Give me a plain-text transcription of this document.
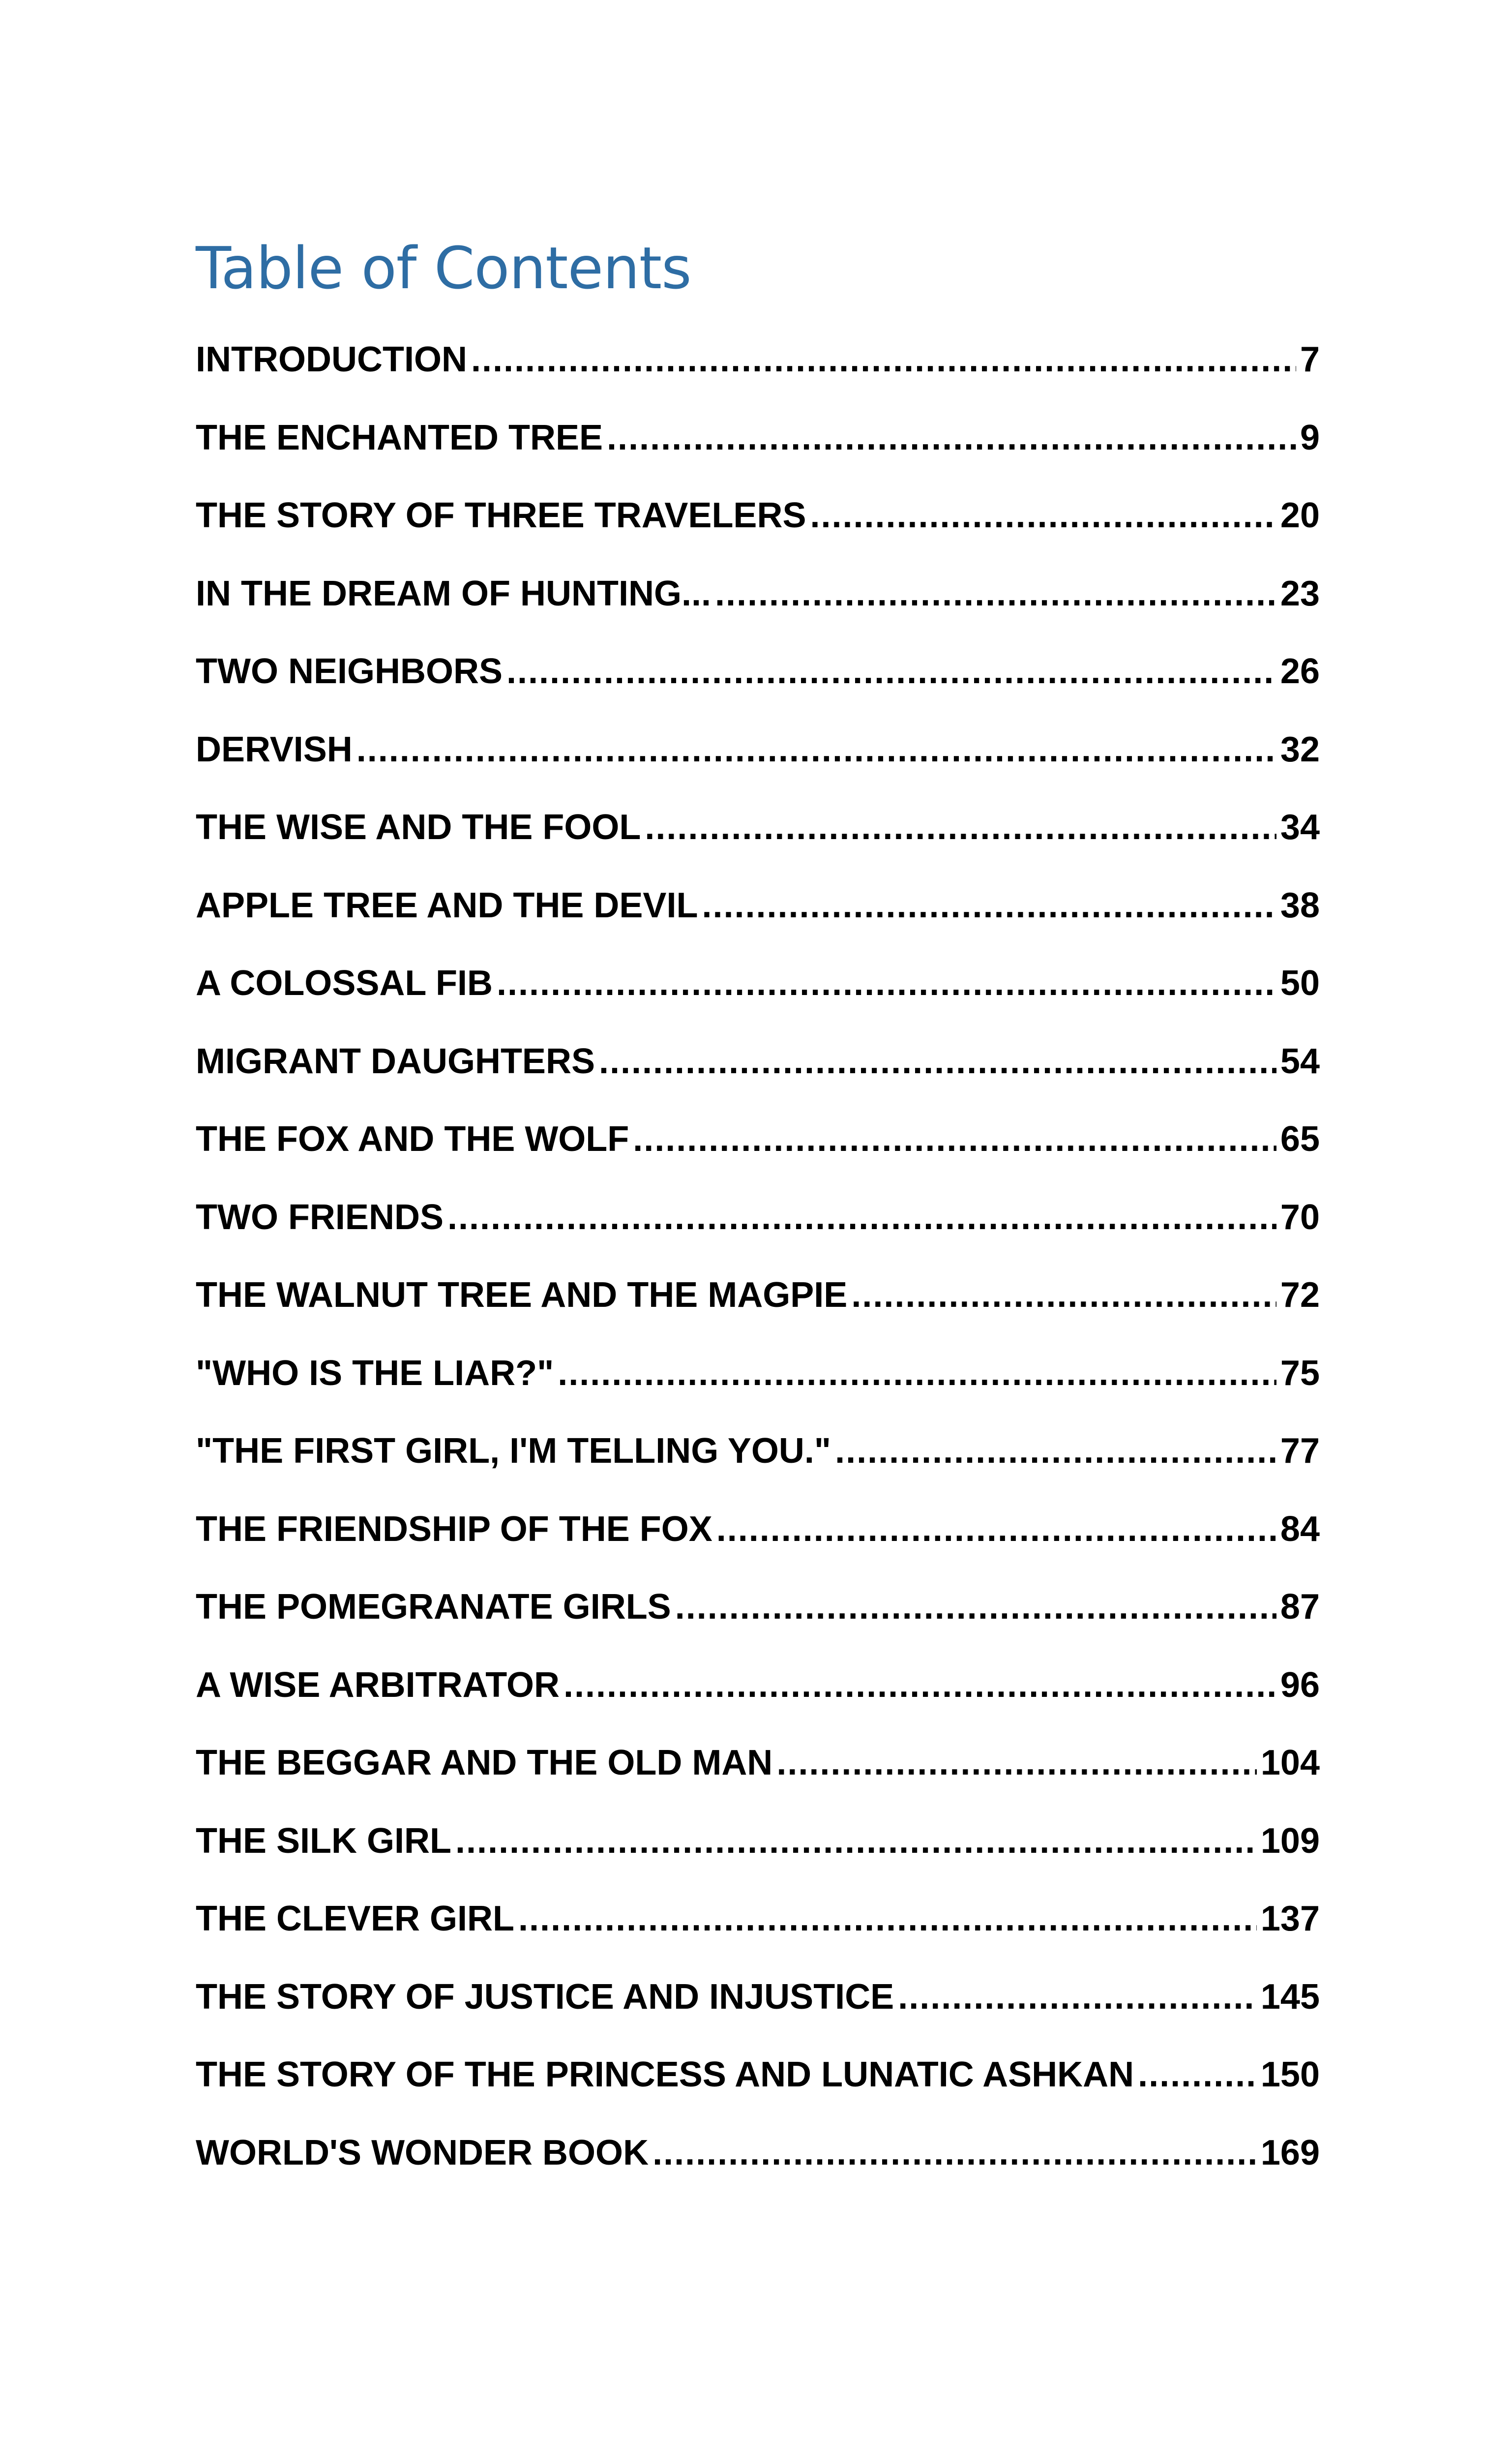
Table of Contents
INTRODUCTION .....	7
THE ENCHANTED TREE .....	9
THE STORY OF THREE TRAVELERS .....	20
IN THE DREAM OF HUNTING... .....	23
TWO NEIGHBORS .....	26
DERVISH .....	32
THE WISE AND THE FOOL .....	34
APPLE TREE AND THE DEVIL .....	38
A COLOSSAL FIB .....	50
MIGRANT DAUGHTERS .....	54
THE FOX AND THE WOLF .....	65
TWO FRIENDS .....	70
THE WALNUT TREE AND THE MAGPIE .....	72
"WHO IS THE LIAR?" .....	75
"THE FIRST GIRL, I'M TELLING YOU." .....	77
THE FRIENDSHIP OF THE FOX .....	84
THE POMEGRANATE GIRLS .....	87
A WISE ARBITRATOR .....	96
THE BEGGAR AND THE OLD MAN .....	104
THE SILK GIRL .....	109
THE CLEVER GIRL .....	137
THE STORY OF JUSTICE AND INJUSTICE .....	145
THE STORY OF THE PRINCESS AND LUNATIC ASHKAN .....	150
WORLD'S WONDER BOOK .....	169
